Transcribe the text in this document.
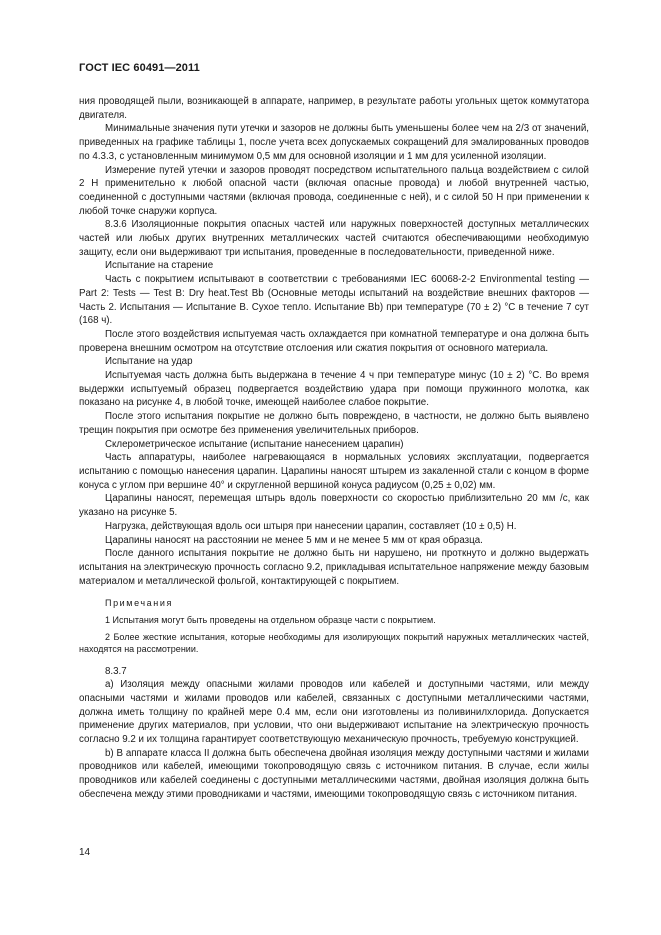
ГОСТ IEC 60491—2011

ния проводящей пыли, возникающей в аппарате, например, в результате работы угольных щеток коммутатора двигателя.

Минимальные значения пути утечки и зазоров не должны быть уменьшены более чем на 2/3 от значений, приведенных на графике таблицы 1, после учета всех допускаемых сокращений для эмалированных проводов по 4.3.3, с установленным минимумом 0,5 мм для основной изоляции и 1 мм для усиленной изоляции.

Измерение путей утечки и зазоров проводят посредством испытательного пальца воздействием с силой 2 Н применительно к любой опасной части (включая опасные провода) и любой внутренней частью, соединенной с доступными частями (включая провода, соединенные с ней), и с силой 50 Н при применении к любой точке снаружи корпуса.

8.3.6 Изоляционные покрытия опасных частей или наружных поверхностей доступных металлических частей или любых других внутренних металлических частей считаются обеспечивающими необходимую защиту, если они выдерживают три испытания, проведенные в последовательности, приведенной ниже.

Испытание на старение

Часть с покрытием испытывают в соответствии с требованиями IEC 60068-2-2 Environmental testing — Part 2: Tests — Test B: Dry heat.Test Bb (Основные методы испытаний на воздействие внешних факторов — Часть 2. Испытания — Испытание B. Сухое тепло. Испытание Bb) при температуре (70 ± 2) °С в течение 7 сут (168 ч).

После этого воздействия испытуемая часть охлаждается при комнатной температуре и она должна быть проверена внешним осмотром на отсутствие отслоения или сжатия покрытия от основного материала.

Испытание на удар

Испытуемая часть должна быть выдержана в течение 4 ч при температуре минус (10 ± 2) °С. Во время выдержки испытуемый образец подвергается воздействию удара при помощи пружинного молотка, как показано на рисунке 4, в любой точке, имеющей наиболее слабое покрытие.

После этого испытания покрытие не должно быть повреждено, в частности, не должно быть выявлено трещин покрытия при осмотре без применения увеличительных приборов.

Склерометрическое испытание (испытание нанесением царапин)

Часть аппаратуры, наиболее нагревающаяся в нормальных условиях эксплуатации, подвергается испытанию с помощью нанесения царапин. Царапины наносят штырем из закаленной стали с концом в форме конуса с углом при вершине 40° и скругленной вершиной конуса радиусом (0,25 ± 0,02) мм.

Царапины наносят, перемещая штырь вдоль поверхности со скоростью приблизительно 20 мм /с, как указано на рисунке 5.

Нагрузка, действующая вдоль оси штыря при нанесении царапин, составляет (10 ± 0,5) Н.

Царапины наносят на расстоянии не менее 5 мм и не менее 5 мм от края образца.

После данного испытания покрытие не должно быть ни нарушено, ни проткнуто и должно выдержать испытания на электрическую прочность согласно 9.2, прикладывая испытательное напряжение между базовым материалом и металлической фольгой, контактирующей с покрытием.

Примечания

1 Испытания могут быть проведены на отдельном образце части с покрытием.

2 Более жесткие испытания, которые необходимы для изолирующих покрытий наружных металлических частей, находятся на рассмотрении.

8.3.7

a) Изоляция между опасными жилами проводов или кабелей и доступными частями, или между опасными частями и жилами проводов или кабелей, связанных с доступными металлическими частями, должна иметь толщину по крайней мере 0.4 мм, если они изготовлены из поливинилхлорида. Допускается применение других материалов, при условии, что они выдерживают испытание на электрическую прочность согласно 9.2 и их толщина гарантирует соответствующую механическую прочность, требуемую конструкцией.

b) В аппарате класса II должна быть обеспечена двойная изоляция между доступными частями и жилами проводников или кабелей, имеющими токопроводящую связь с источником питания. В случае, если жилы проводников или кабелей соединены с доступными металлическими частями, двойная изоляция должна быть обеспечена между этими проводниками и частями, имеющими токопроводящую связь с источником питания.

14
